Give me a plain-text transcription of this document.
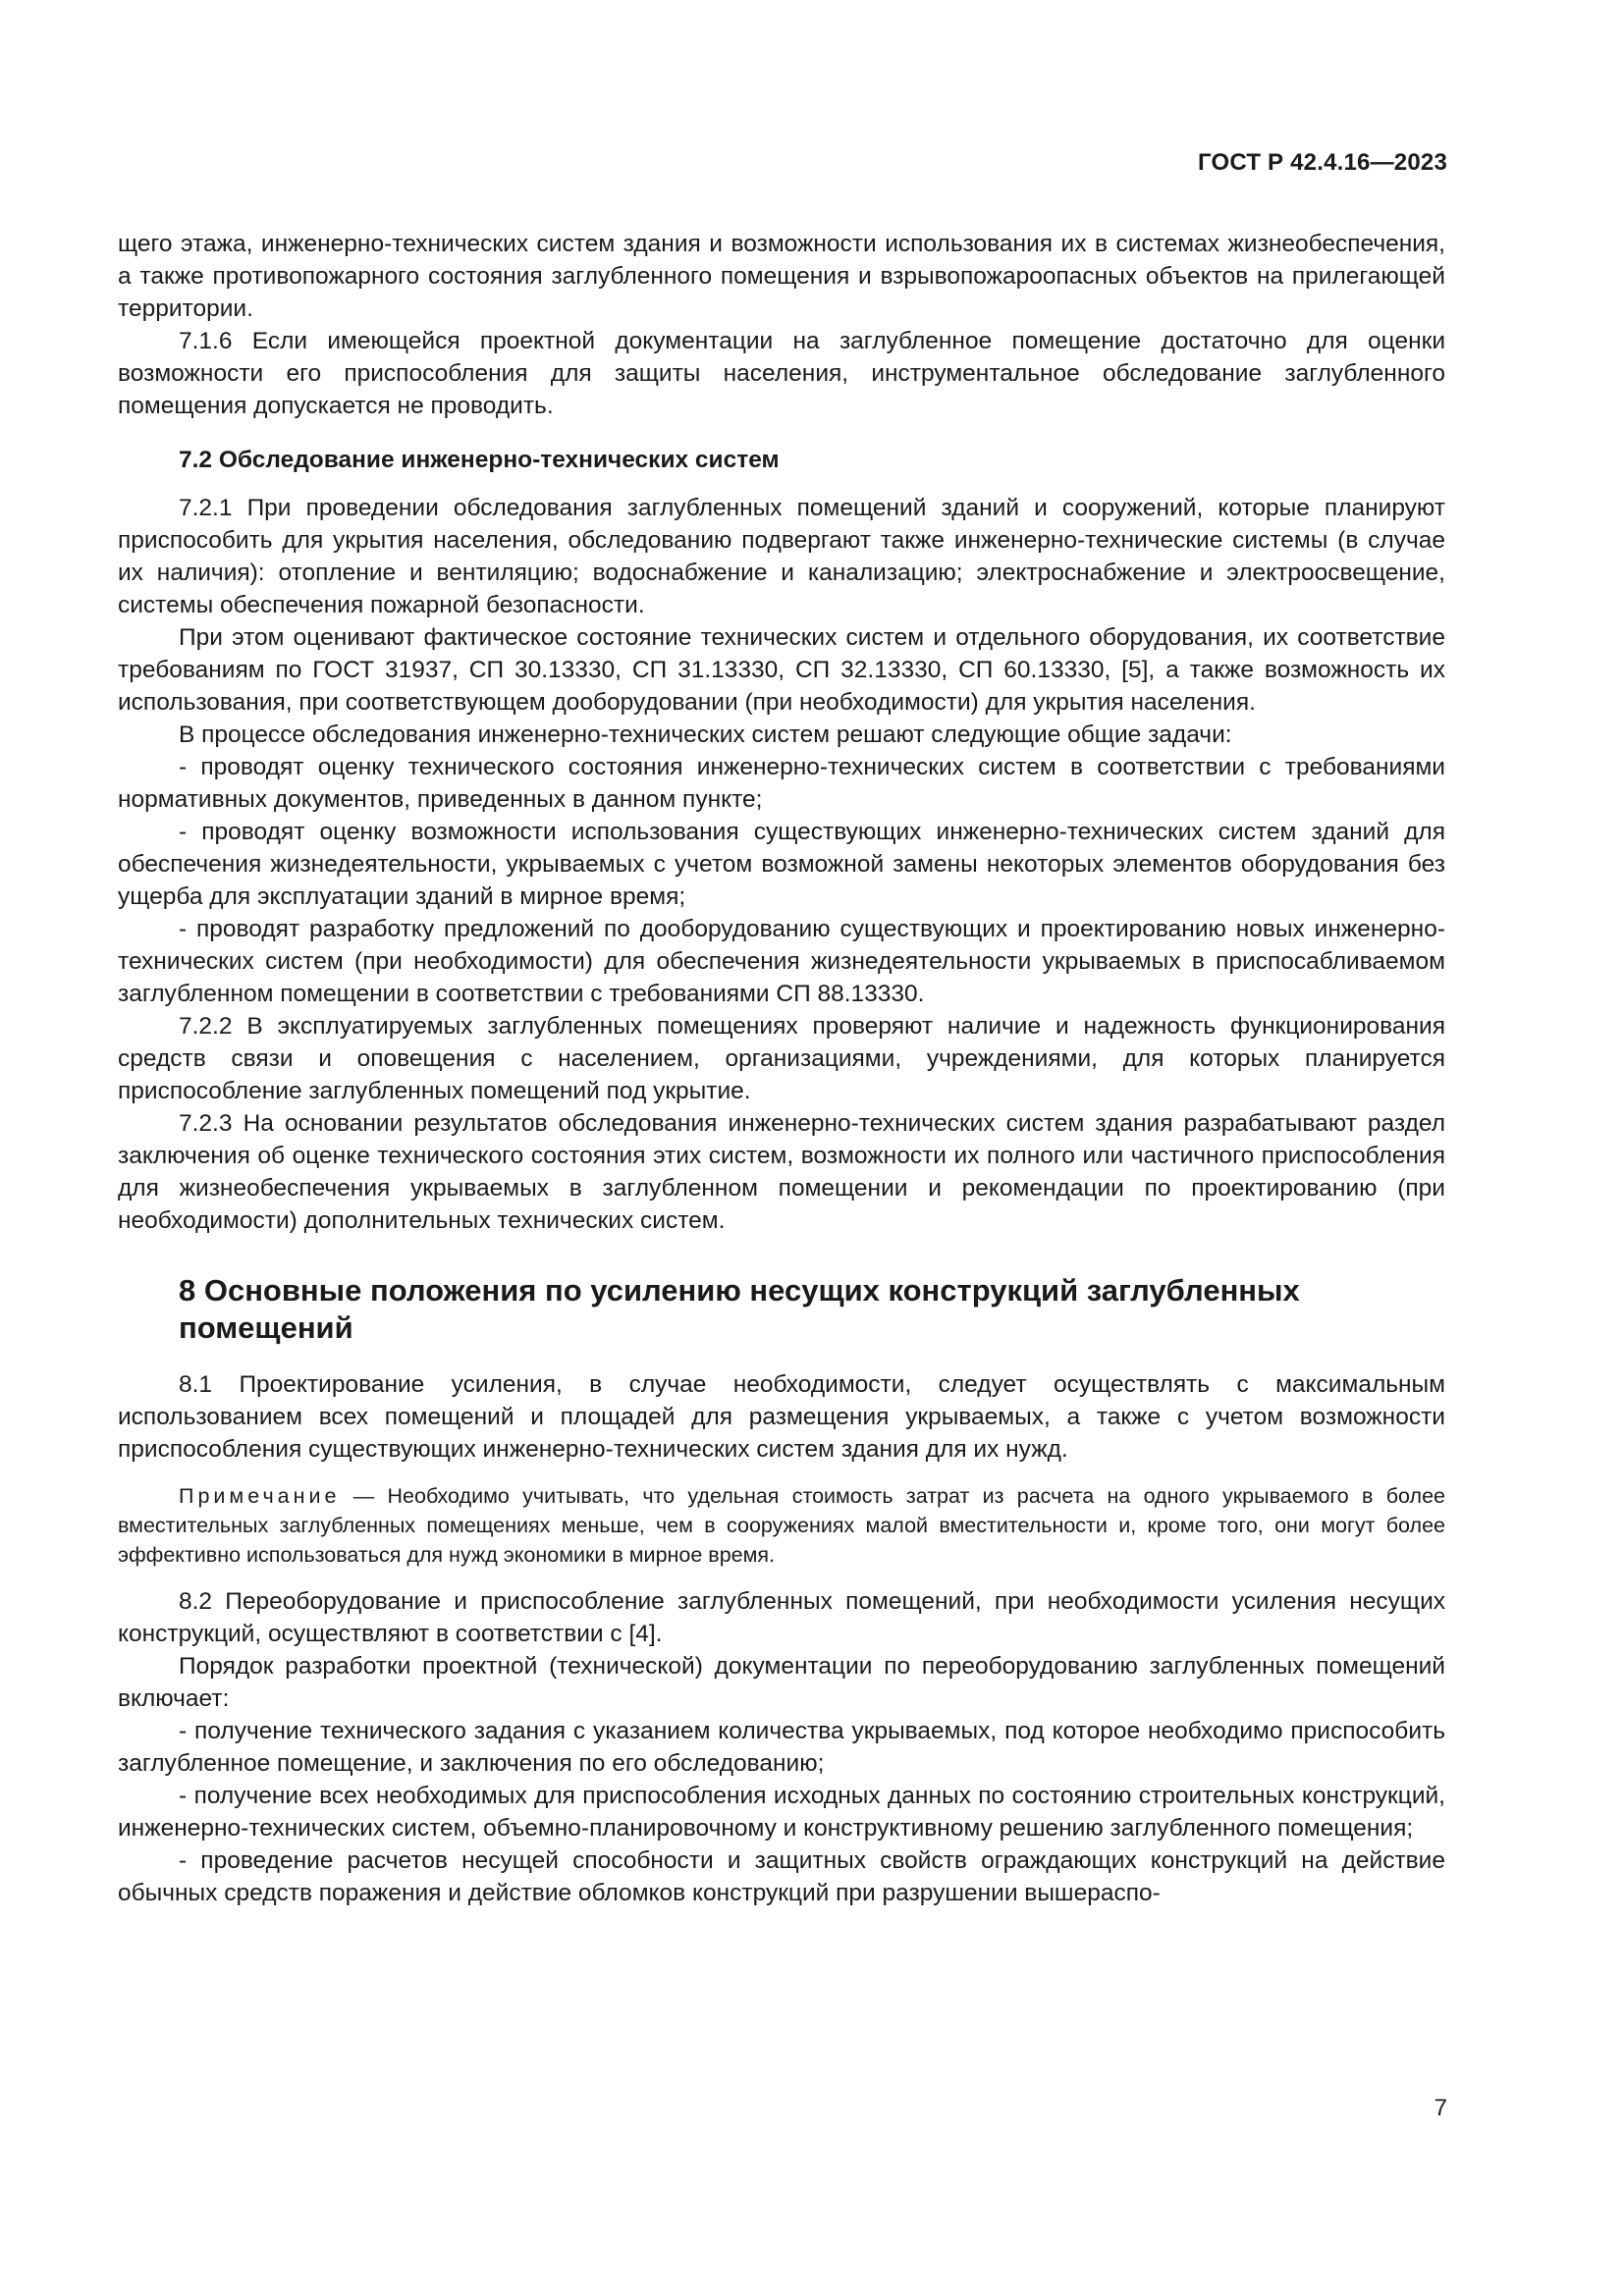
ГОСТ Р 42.4.16—2023

щего этажа, инженерно-технических систем здания и возможности использования их в системах жизнеобеспечения, а также противопожарного состояния заглубленного помещения и взрывопожароопасных объектов на прилегающей территории.

7.1.6 Если имеющейся проектной документации на заглубленное помещение достаточно для оценки возможности его приспособления для защиты населения, инструментальное обследование заглубленного помещения допускается не проводить.

7.2 Обследование инженерно-технических систем

7.2.1 При проведении обследования заглубленных помещений зданий и сооружений, которые планируют приспособить для укрытия населения, обследованию подвергают также инженерно-технические системы (в случае их наличия): отопление и вентиляцию; водоснабжение и канализацию; электроснабжение и электроосвещение, системы обеспечения пожарной безопасности.

При этом оценивают фактическое состояние технических систем и отдельного оборудования, их соответствие требованиям по ГОСТ 31937, СП 30.13330, СП 31.13330, СП 32.13330, СП 60.13330, [5], а также возможность их использования, при соответствующем дооборудовании (при необходимости) для укрытия населения.

В процессе обследования инженерно-технических систем решают следующие общие задачи:

- проводят оценку технического состояния инженерно-технических систем в соответствии с требованиями нормативных документов, приведенных в данном пункте;

- проводят оценку возможности использования существующих инженерно-технических систем зданий для обеспечения жизнедеятельности, укрываемых с учетом возможной замены некоторых элементов оборудования без ущерба для эксплуатации зданий в мирное время;

- проводят разработку предложений по дооборудованию существующих и проектированию новых инженерно-технических систем (при необходимости) для обеспечения жизнедеятельности укрываемых в приспосабливаемом заглубленном помещении в соответствии с требованиями СП 88.13330.

7.2.2 В эксплуатируемых заглубленных помещениях проверяют наличие и надежность функционирования средств связи и оповещения с населением, организациями, учреждениями, для которых планируется приспособление заглубленных помещений под укрытие.

7.2.3 На основании результатов обследования инженерно-технических систем здания разрабатывают раздел заключения об оценке технического состояния этих систем, возможности их полного или частичного приспособления для жизнеобеспечения укрываемых в заглубленном помещении и рекомендации по проектированию (при необходимости) дополнительных технических систем.

8 Основные положения по усилению несущих конструкций заглубленных помещений

8.1 Проектирование усиления, в случае необходимости, следует осуществлять с максимальным использованием всех помещений и площадей для размещения укрываемых, а также с учетом возможности приспособления существующих инженерно-технических систем здания для их нужд.

Примечание — Необходимо учитывать, что удельная стоимость затрат из расчета на одного укрываемого в более вместительных заглубленных помещениях меньше, чем в сооружениях малой вместительности и, кроме того, они могут более эффективно использоваться для нужд экономики в мирное время.

8.2 Переоборудование и приспособление заглубленных помещений, при необходимости усиления несущих конструкций, осуществляют в соответствии с [4].

Порядок разработки проектной (технической) документации по переоборудованию заглубленных помещений включает:

- получение технического задания с указанием количества укрываемых, под которое необходимо приспособить заглубленное помещение, и заключения по его обследованию;

- получение всех необходимых для приспособления исходных данных по состоянию строительных конструкций, инженерно-технических систем, объемно-планировочному и конструктивному решению заглубленного помещения;

- проведение расчетов несущей способности и защитных свойств ограждающих конструкций на действие обычных средств поражения и действие обломков конструкций при разрушении вышераспо-

7
